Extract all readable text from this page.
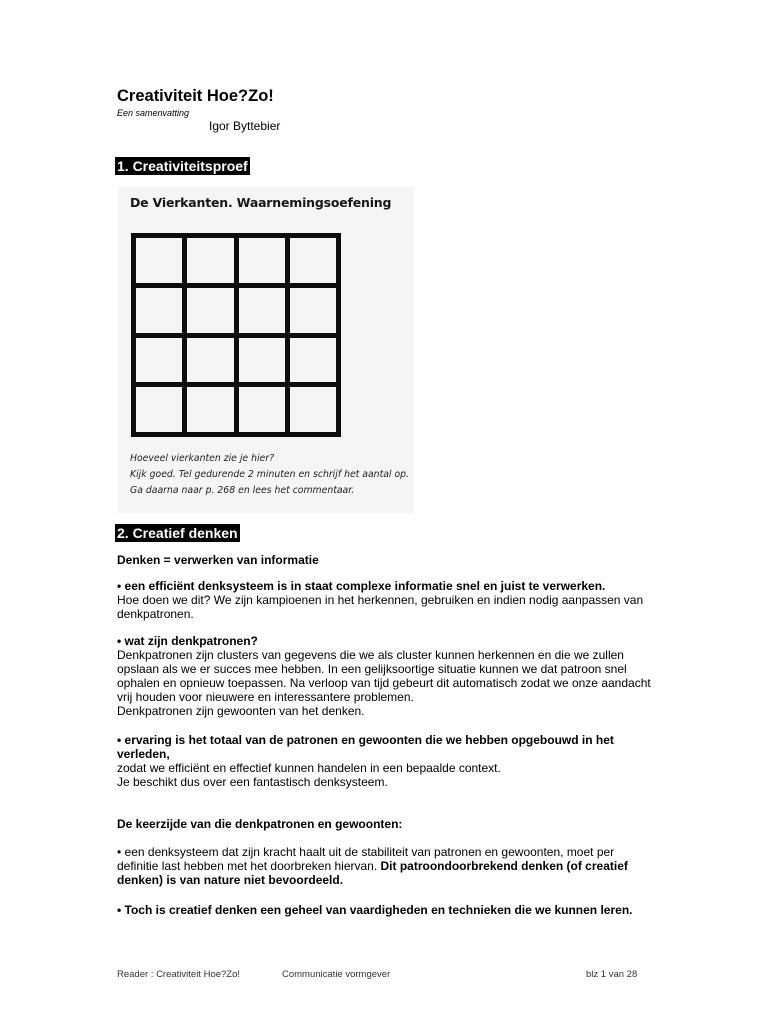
Creativiteit Hoe?Zo!
Een samenvatting
Igor Byttebier
1. Creativiteitsproef
De Vierkanten. Waarnemingsoefening
Hoeveel vierkanten zie je hier?
Kijk goed. Tel gedurende 2 minuten en schrijf het aantal op.
Ga daarna naar p. 268 en lees het commentaar.
2. Creatief denken
Denken = verwerken van informatie
• een efficiënt denksysteem is in staat complexe informatie snel en juist te verwerken.
Hoe doen we dit? We zijn kampioenen in het herkennen, gebruiken en indien nodig aanpassen van denkpatronen.
• wat zijn denkpatronen?
Denkpatronen zijn clusters van gegevens die we als cluster kunnen herkennen en die we zullen opslaan als we er succes mee hebben. In een gelijksoortige situatie kunnen we dat patroon snel ophalen en opnieuw toepassen. Na verloop van tijd gebeurt dit automatisch zodat we onze aandacht vrij houden voor nieuwere en interessantere problemen.
Denkpatronen zijn gewoonten van het denken.
• ervaring is het totaal van de patronen en gewoonten die we hebben opgebouwd in het verleden,
zodat we efficiënt en effectief kunnen handelen in een bepaalde context.
Je beschikt dus over een fantastisch denksysteem.
De keerzijde van die denkpatronen en gewoonten:
• een denksysteem dat zijn kracht haalt uit de stabiliteit van patronen en gewoonten, moet per definitie last hebben met het doorbreken hiervan. Dit patroondoorbrekend denken (of creatief denken) is van nature niet bevoordeeld.
• Toch is creatief denken een geheel van vaardigheden en technieken die we kunnen leren.
Reader : Creativiteit Hoe?Zo!	Communicatie vormgever	blz 1 van 28
